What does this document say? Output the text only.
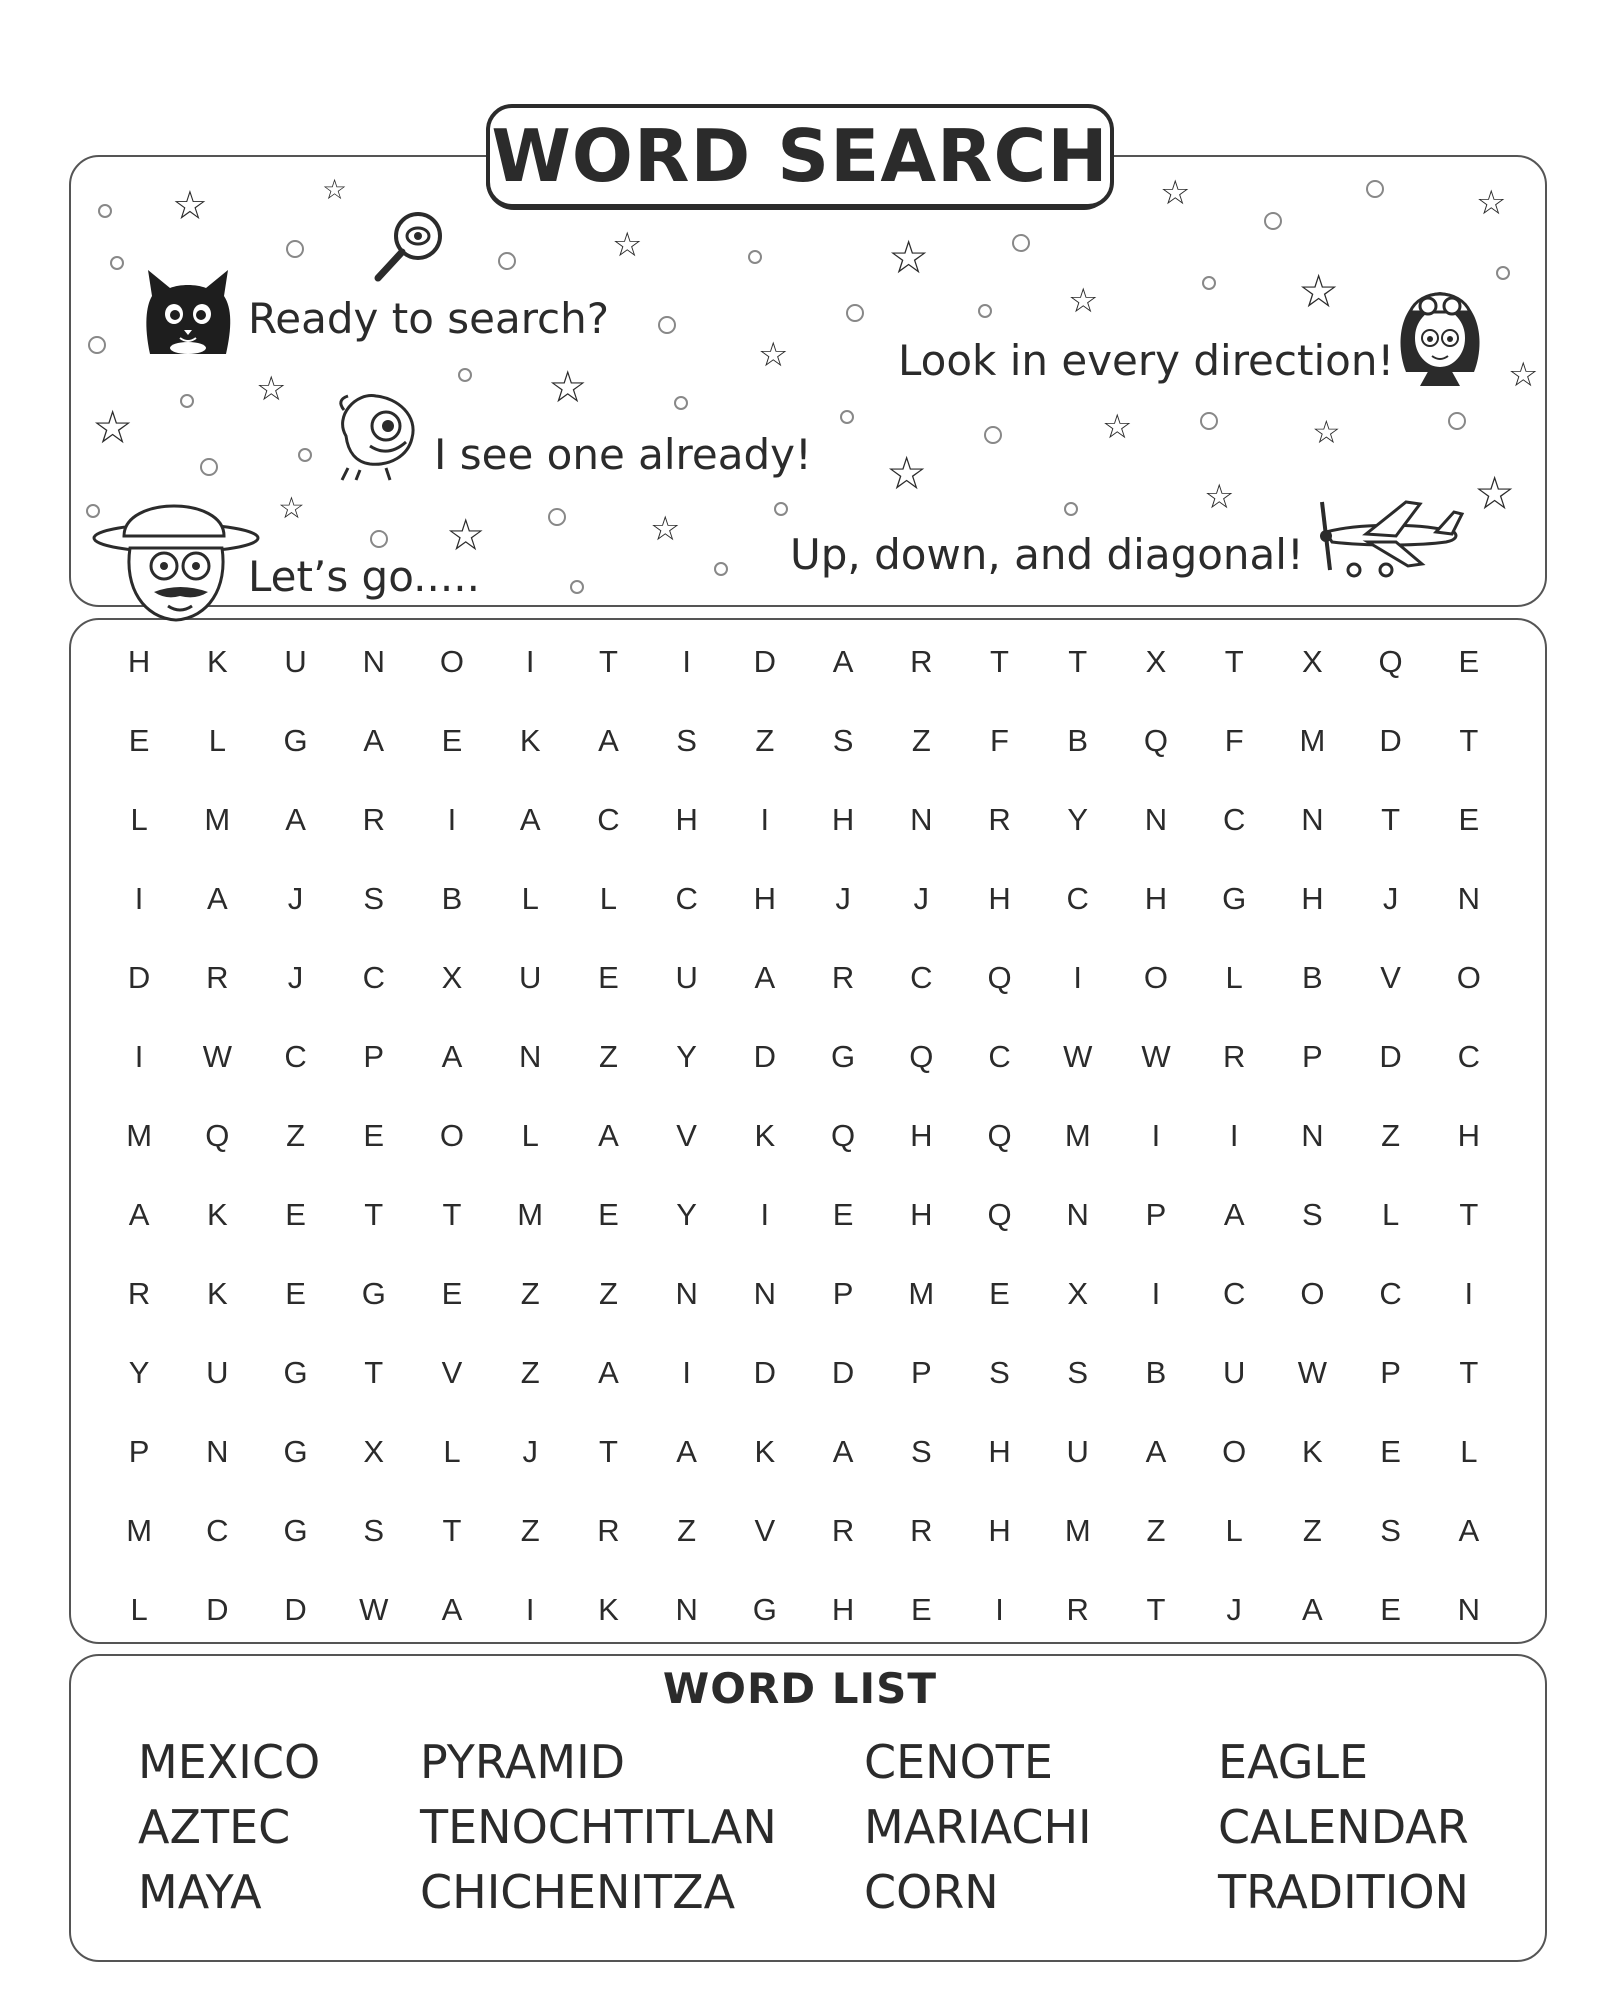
WORD SEARCH
☆	☆
☆	☆
☆	☆
☆	☆
☆
☆
☆
☆
☆	☆
☆
☆
☆	☆
☆	☆	☆
Ready to search?
I see one already!
Let’s go.....
Look in every direction!
Up, down, and diagonal!
H	K	U	N	O	I	T	I	D	A	R	T	T	X	T	X	Q	E
E	L	G	A	E	K	A	S	Z	S	Z	F	B	Q	F	M	D	T
L	M	A	R	I	A	C	H	I	H	N	R	Y	N	C	N	T	E
I	A	J	S	B	L	L	C	H	J	J	H	C	H	G	H	J	N
D	R	J	C	X	U	E	U	A	R	C	Q	I	O	L	B	V	O
I	W	C	P	A	N	Z	Y	D	G	Q	C	W	W	R	P	D	C
M	Q	Z	E	O	L	A	V	K	Q	H	Q	M	I	I	N	Z	H
A	K	E	T	T	M	E	Y	I	E	H	Q	N	P	A	S	L	T
R	K	E	G	E	Z	Z	N	N	P	M	E	X	I	C	O	C	I
Y	U	G	T	V	Z	A	I	D	D	P	S	S	B	U	W	P	T
P	N	G	X	L	J	T	A	K	A	S	H	U	A	O	K	E	L
M	C	G	S	T	Z	R	Z	V	R	R	H	M	Z	L	Z	S	A
L	D	D	W	A	I	K	N	G	H	E	I	R	T	J	A	E	N
WORD LIST
MEXICO
AZTEC
MAYA
PYRAMID
TENOCHTITLAN
CHICHENITZA
CENOTE
MARIACHI
CORN
EAGLE
CALENDAR
TRADITION
